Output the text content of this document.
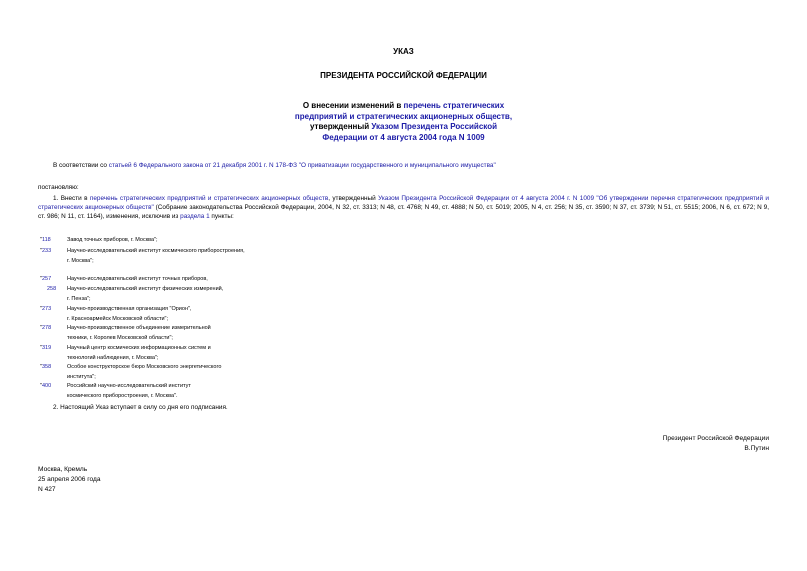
УКАЗ
ПРЕЗИДЕНТА РОССИЙСКОЙ ФЕДЕРАЦИИ
О внесении изменений в перечень стратегических
предприятий и стратегических акционерных обществ,
утвержденный Указом Президента Российской
Федерации от 4 августа 2004 года N 1009
В соответствии со статьей 6 Федерального закона от 21 декабря 2001 г. N 178-ФЗ "О приватизации государственного и муниципального имущества"
постановляю:
1. Внести в перечень стратегических предприятий и стратегических акционерных обществ, утвержденный Указом Президента Российской Федерации от 4 августа 2004 г. N 1009 "Об утверждении перечня стратегических предприятий и стратегических акционерных обществ" (Собрание законодательства Российской Федерации, 2004, N 32, ст. 3313; N 48, ст. 4768; N 49, ст. 4888; N 50, ст. 5019; 2005, N 4, ст. 256; N 35, ст. 3590; N 37, ст. 3739; N 51, ст. 5515; 2006, N 6, ст. 672; N 9, ст. 986; N 11, ст. 1164), изменения, исключив из раздела 1 пункты:
"118	Завод точных приборов, г. Москва";
"233	Научно-исследовательский институт космического приборостроения,
г. Москва";
"257	Научно-исследовательский институт точных приборов,
258	Научно-исследовательский институт физических измерений,
г. Пенза";
"273	Научно-производственная организация "Орион",
г. Красноармейск Московской области";
"278	Научно-производственное объединение измерительной
техники, г. Королев Московской области";
"319	Научный центр космических информационных систем и
технологий наблюдения, г. Москва";
"358	Особое конструкторское бюро Московского энергетического
института";
"400	Российский научно-исследовательский институт
космического приборостроения, г. Москва".
2. Настоящий Указ вступает в силу со дня его подписания.
Президент Российской Федерации
В.Путин
Москва, Кремль
25 апреля 2006 года
N 427
